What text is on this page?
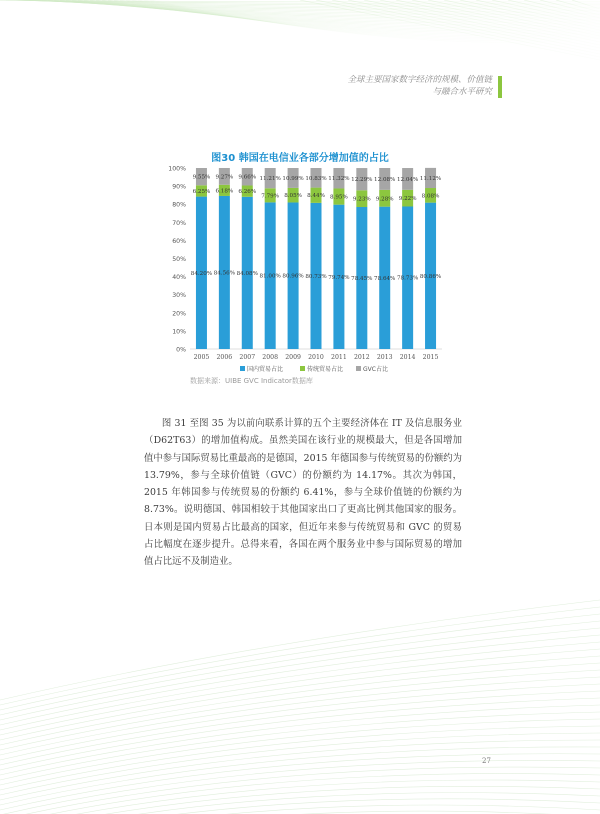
全球主要国家数字经济的规模、价值链
与融合水平研究
图30 韩国在电信业各部分增加值的占比
0%
10%
20%
30%
40%
50%
60%
70%
80%
90%
100%
84.20%
6.25%
9.55%
84.56%
6.18%
9.27%
84.08%
6.26%
9.66%
81.00%
7.79%
11.21%
80.96%
8.05%
10.99%
80.73%
8.44%
10.83%
79.74%
8.95%
11.32%
78.45%
9.23%
12.29%
78.64%
9.28%
12.08%
78.73%
9.22%
12.04%
80.86%
8.08%
11.12%
2005 2006 2007 2008 2009 2010 2011 2012 2013 2014 2015
国内贸易占比	传统贸易占比	GVC占比
数据来源：UIBE GVC Indicator数据库
图 31 至图 35 为以前向联系计算的五个主要经济体在 IT 及信息服务业（D62T63）的增加值构成。虽然美国在该行业的规模最大，但是各国增加值中参与国际贸易比重最高的是德国，2015 年德国参与传统贸易的份额约为 13.79%，参与全球价值链（GVC）的份额约为 14.17%。其次为韩国，2015 年韩国参与传统贸易的份额约 6.41%，参与全球价值链的份额约为 8.73%。说明德国、韩国相较于其他国家出口了更高比例其他国家的服务。日本则是国内贸易占比最高的国家，但近年来参与传统贸易和 GVC 的贸易占比幅度在逐步提升。总得来看，各国在两个服务业中参与国际贸易的增加值占比远不及制造业。
27
